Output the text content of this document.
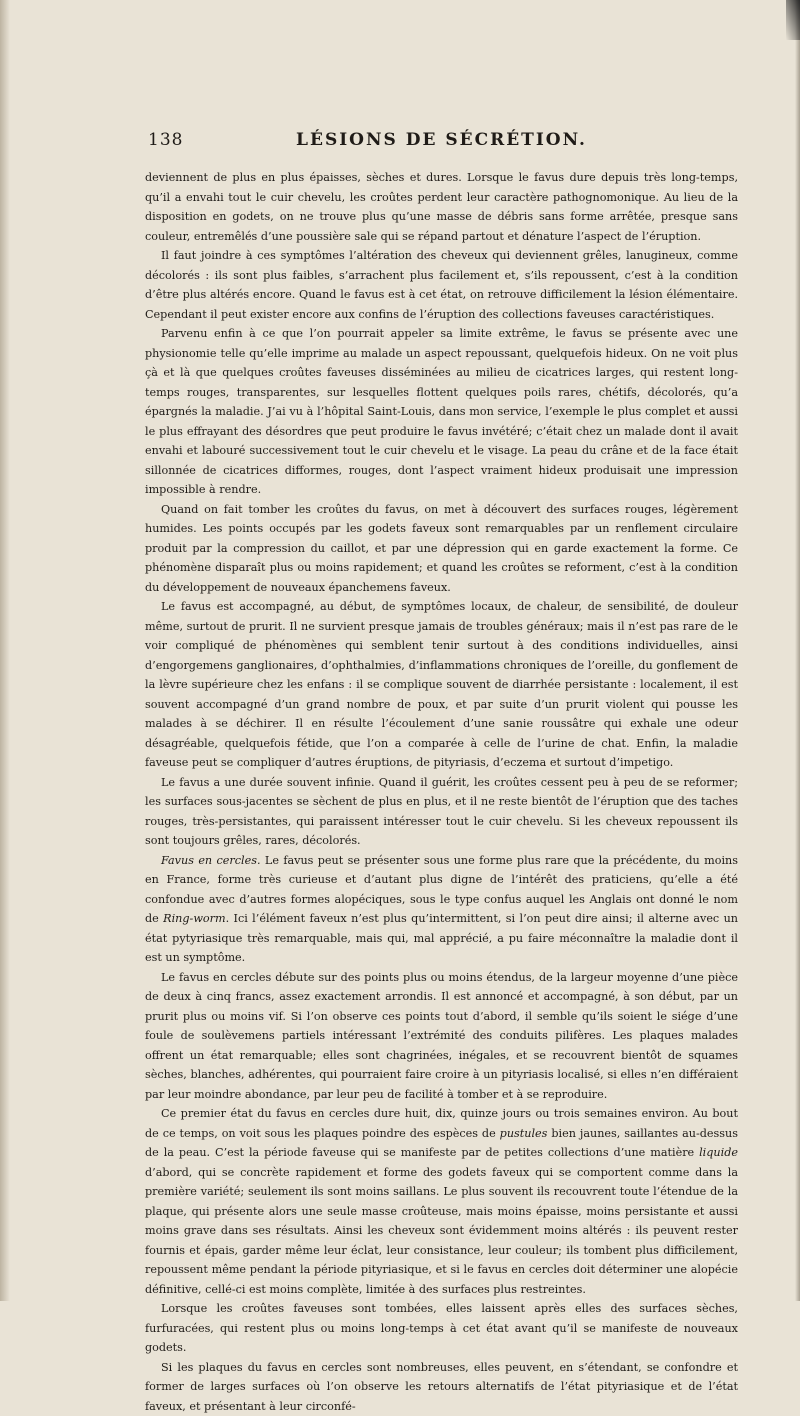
138	LÉSIONS DE SÉCRÉTION.

deviennent de plus en plus épaisses, sèches et dures. Lorsque le favus dure depuis très long-temps, qu’il a envahi tout le cuir chevelu, les croûtes perdent leur caractère pathognomonique. Au lieu de la disposition en godets, on ne trouve plus qu’une masse de débris sans forme arrêtée, presque sans couleur, entremêlés d’une poussière sale qui se répand partout et dénature l’aspect de l’éruption.

Il faut joindre à ces symptômes l’altération des cheveux qui deviennent grêles, lanugineux, comme décolorés : ils sont plus faibles, s’arrachent plus facilement et, s’ils repoussent, c’est à la condition d’être plus altérés encore. Quand le favus est à cet état, on retrouve difficilement la lésion élémentaire. Cependant il peut exister encore aux confins de l’éruption des collections faveuses caractéristiques.

Parvenu enfin à ce que l’on pourrait appeler sa limite extrême, le favus se présente avec une physionomie telle qu’elle imprime au malade un aspect repoussant, quelquefois hideux. On ne voit plus çà et là que quelques croûtes faveuses disséminées au milieu de cicatrices larges, qui restent long-temps rouges, transparentes, sur lesquelles flottent quelques poils rares, chétifs, décolorés, qu’a épargnés la maladie. J’ai vu à l’hôpital Saint-Louis, dans mon service, l’exemple le plus complet et aussi le plus effrayant des désordres que peut produire le favus invétéré; c’était chez un malade dont il avait envahi et labouré successivement tout le cuir chevelu et le visage. La peau du crâne et de la face était sillonnée de cicatrices difformes, rouges, dont l’aspect vraiment hideux produisait une impression impossible à rendre.

Quand on fait tomber les croûtes du favus, on met à découvert des surfaces rouges, légèrement humides. Les points occupés par les godets faveux sont remarquables par un renflement circulaire produit par la compression du caillot, et par une dépression qui en garde exactement la forme. Ce phénomène disparaît plus ou moins rapidement; et quand les croûtes se reforment, c’est à la condition du développement de nouveaux épanchemens faveux.

Le favus est accompagné, au début, de symptômes locaux, de chaleur, de sensibilité, de douleur même, surtout de prurit. Il ne survient presque jamais de troubles généraux; mais il n’est pas rare de le voir compliqué de phénomènes qui semblent tenir surtout à des conditions individuelles, ainsi d’engorgemens ganglionaires, d’ophthalmies, d’inflammations chroniques de l’oreille, du gonflement de la lèvre supérieure chez les enfans : il se complique souvent de diarrhée persistante : localement, il est souvent accompagné d’un grand nombre de poux, et par suite d’un prurit violent qui pousse les malades à se déchirer. Il en résulte l’écoulement d’une sanie roussâtre qui exhale une odeur désagréable, quelquefois fétide, que l’on a comparée à celle de l’urine de chat. Enfin, la maladie faveuse peut se compliquer d’autres éruptions, de pityriasis, d’eczema et surtout d’impetigo.

Le favus a une durée souvent infinie. Quand il guérit, les croûtes cessent peu à peu de se reformer; les surfaces sous-jacentes se sèchent de plus en plus, et il ne reste bientôt de l’éruption que des taches rouges, très-persistantes, qui paraissent intéresser tout le cuir chevelu. Si les cheveux repoussent ils sont toujours grêles, rares, décolorés.

Favus en cercles. Le favus peut se présenter sous une forme plus rare que la précédente, du moins en France, forme très curieuse et d’autant plus digne de l’intérêt des praticiens, qu’elle a été confondue avec d’autres formes alopéciques, sous le type confus auquel les Anglais ont donné le nom de Ring-worm. Ici l’élément faveux n’est plus qu’intermittent, si l’on peut dire ainsi; il alterne avec un état pytyriasique très remarquable, mais qui, mal apprécié, a pu faire méconnaître la maladie dont il est un symptôme.

Le favus en cercles débute sur des points plus ou moins étendus, de la largeur moyenne d’une pièce de deux à cinq francs, assez exactement arrondis. Il est annoncé et accompagné, à son début, par un prurit plus ou moins vif. Si l’on observe ces points tout d’abord, il semble qu’ils soient le siége d’une foule de soulèvemens partiels intéressant l’extrémité des conduits pilifères. Les plaques malades offrent un état remarquable; elles sont chagrinées, inégales, et se recouvrent bientôt de squames sèches, blanches, adhérentes, qui pourraient faire croire à un pityriasis localisé, si elles n’en différaient par leur moindre abondance, par leur peu de facilité à tomber et à se reproduire.

Ce premier état du favus en cercles dure huit, dix, quinze jours ou trois semaines environ. Au bout de ce temps, on voit sous les plaques poindre des espèces de pustules bien jaunes, saillantes au-dessus de la peau. C’est la période faveuse qui se manifeste par de petites collections d’une matière liquide d’abord, qui se concrète rapidement et forme des godets faveux qui se comportent comme dans la première variété; seulement ils sont moins saillans. Le plus souvent ils recouvrent toute l’étendue de la plaque, qui présente alors une seule masse croûteuse, mais moins épaisse, moins persistante et aussi moins grave dans ses résultats. Ainsi les cheveux sont évidemment moins altérés : ils peuvent rester fournis et épais, garder même leur éclat, leur consistance, leur couleur; ils tombent plus difficilement, repoussent même pendant la période pityriasique, et si le favus en cercles doit déterminer une alopécie définitive, cellé-ci est moins complète, limitée à des surfaces plus restreintes.

Lorsque les croûtes faveuses sont tombées, elles laissent après elles des surfaces sèches, furfuracées, qui restent plus ou moins long-temps à cet état avant qu’il se manifeste de nouveaux godets.

Si les plaques du favus en cercles sont nombreuses, elles peuvent, en s’étendant, se confondre et former de larges surfaces où l’on observe les retours alternatifs de l’état pityriasique et de l’état faveux, et présentant à leur circonfé-
